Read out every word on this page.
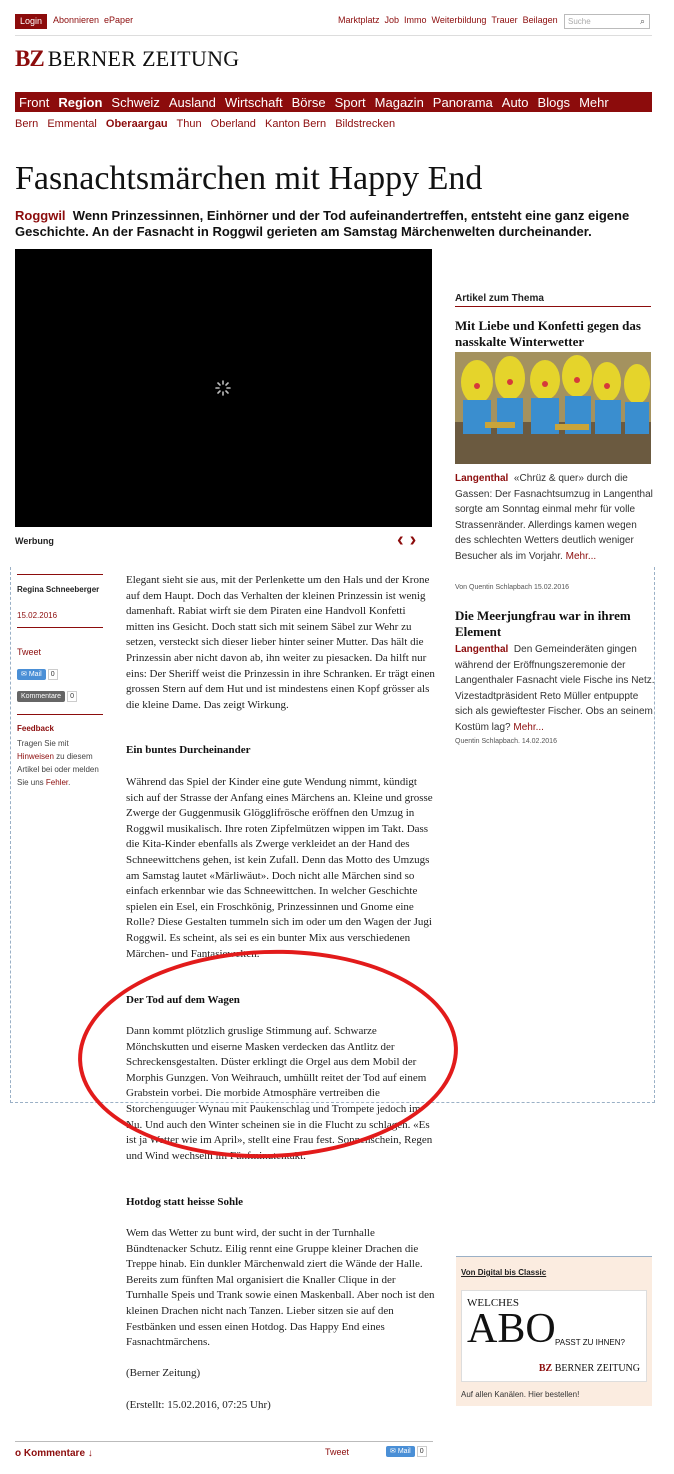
Login	Abonnieren ePaper	Marktplatz Job Immo Weiterbildung Trauer Beilagen	Suche	⌕
BZ BERNER ZEITUNG
Front Region Schweiz Ausland Wirtschaft Börse Sport Magazin Panorama Auto Blogs Mehr
Bern Emmental Oberaargau Thun Oberland Kanton Bern Bildstrecken
Fasnachtsmärchen mit Happy End
Roggwil Wenn Prinzessinnen, Einhörner und der Tod aufeinandertreffen, entsteht eine ganz eigene Geschichte. An der Fasnacht in Roggwil gerieten am Samstag Märchenwelten durcheinander.
Werbung	‹›
Regina Schneeberger
15.02.2016
Tweet
✉ Mail 0
Kommentare 0
Feedback
Tragen Sie mit Hinweisen zu diesem Artikel bei oder melden Sie uns Fehler.
Elegant sieht sie aus, mit der Perlenkette um den Hals und der Krone auf dem Haupt. Doch das Verhalten der kleinen Prinzessin ist wenig damenhaft. Rabiat wirft sie dem Piraten eine Handvoll Konfetti mitten ins Gesicht. Doch statt sich mit seinem Säbel zur Wehr zu setzen, versteckt sich dieser lieber hinter seiner Mutter. Das hält die Prinzessin aber nicht davon ab, ihn weiter zu piesacken. Da hilft nur eins: Der Sheriff weist die Prinzessin in ihre Schranken. Er trägt einen grossen Stern auf dem Hut und ist mindestens einen Kopf grösser als die kleine Dame. Das zeigt Wirkung.
Ein buntes Durcheinander
Während das Spiel der Kinder eine gute Wendung nimmt, kündigt sich auf der Strasse der Anfang eines Märchens an. Kleine und grosse Zwerge der Guggenmusik Glögglifrösche eröffnen den Umzug in Roggwil musikalisch. Ihre roten Zipfelmützen wippen im Takt. Dass die Kita-Kinder ebenfalls als Zwerge verkleidet an der Hand des Schneewittchens gehen, ist kein Zufall. Denn das Motto des Umzugs am Samstag lautet «Märliwäut». Doch nicht alle Märchen sind so einfach erkennbar wie das Schneewittchen. In welcher Geschichte spielen ein Esel, ein Froschkönig, Prinzessinnen und Gnome eine Rolle? Diese Gestalten tummeln sich im oder um den Wagen der Jugi Roggwil. Es scheint, als sei es ein bunter Mix aus verschiedenen Märchen- und Fantasiewelten.
Der Tod auf dem Wagen
Dann kommt plötzlich gruslige Stimmung auf. Schwarze Mönchskutten und eiserne Masken verdecken das Antlitz der Schreckensgestalten. Düster erklingt die Orgel aus dem Mobil der Morphis Gunzgen. Von Weihrauch, umhüllt reitet der Tod auf einem Grabstein vorbei. Die morbide Atmosphäre vertreiben die Storchenguuger Wynau mit Paukenschlag und Trompete jedoch im Nu. Und auch den Winter scheinen sie in die Flucht zu schlagen. «Es ist ja Wetter wie im April», stellt eine Frau fest. Sonnenschein, Regen und Wind wechseln im Fünfminutentakt.
Hotdog statt heisse Sohle
Wem das Wetter zu bunt wird, der sucht in der Turnhalle Bündtenacker Schutz. Eilig rennt eine Gruppe kleiner Drachen die Treppe hinab. Ein dunkler Märchenwald ziert die Wände der Halle. Bereits zum fünften Mal organisiert die Knaller Clique in der Turnhalle Speis und Trank sowie einen Maskenball. Aber noch ist den kleinen Drachen nicht nach Tanzen. Lieber sitzen sie auf den Festbänken und essen einen Hotdog. Das Happy End eines Fasnachtmärchens.
(Berner Zeitung)
(Erstellt: 15.02.2016, 07:25 Uhr)
Artikel zum Thema
Mit Liebe und Konfetti gegen das nasskalte Winterwetter
Langenthal «Chrüz & quer» durch die Gassen: Der Fasnachtsumzug in Langenthal sorgte am Sonntag einmal mehr für volle Strassenränder. Allerdings kamen wegen des schlechten Wetters deutlich weniger Besucher als im Vorjahr. Mehr...
Von Quentin Schlapbach 15.02.2016
Die Meerjungfrau war in ihrem Element
Langenthal Den Gemeinderäten gingen während der Eröffnungszeremonie der Langenthaler Fasnacht viele Fische ins Netz. Vizestadtpräsident Reto Müller entpuppte sich als gewieftester Fischer. Obs an seinem Kostüm lag? Mehr...
Quentin Schlapbach. 14.02.2016
Von Digital bis Classic
WELCHES
ABO PASST ZU IHNEN?
BZ BERNER ZEITUNG
Auf allen Kanälen. Hier bestellen!
o Kommentare ↓	Tweet	✉ Mail 0
